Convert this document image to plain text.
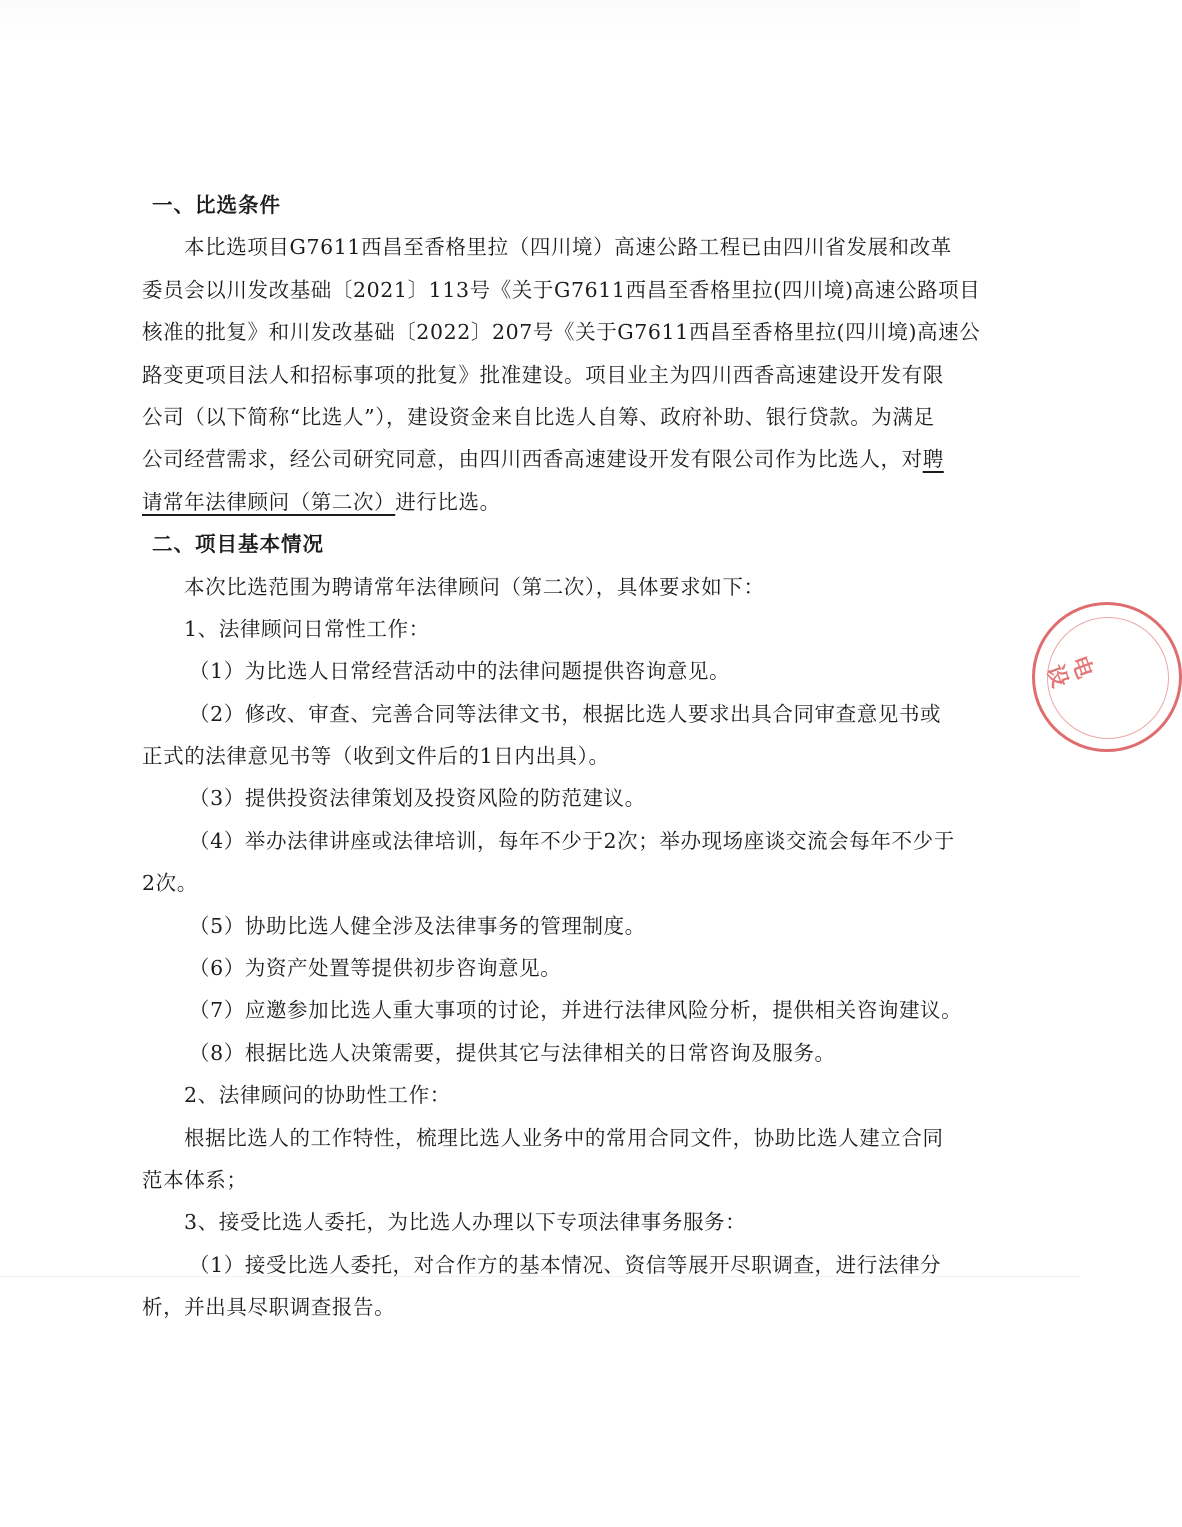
一、比选条件
本比选项目G7611西昌至香格里拉（四川境）高速公路工程已由四川省发展和改革
委员会以川发改基础〔2021〕113号《关于G7611西昌至香格里拉(四川境)高速公路项目
核准的批复》和川发改基础〔2022〕207号《关于G7611西昌至香格里拉(四川境)高速公
路变更项目法人和招标事项的批复》批准建设。项目业主为四川西香高速建设开发有限
公司（以下简称“比选人”），建设资金来自比选人自筹、政府补助、银行贷款。为满足
公司经营需求，经公司研究同意，由四川西香高速建设开发有限公司作为比选人，对聘
请常年法律顾问（第二次）进行比选。
二、项目基本情况
本次比选范围为聘请常年法律顾问（第二次），具体要求如下：
1、法律顾问日常性工作：
（1）为比选人日常经营活动中的法律问题提供咨询意见。
（2）修改、审查、完善合同等法律文书，根据比选人要求出具合同审查意见书或
正式的法律意见书等（收到文件后的1日内出具）。
（3）提供投资法律策划及投资风险的防范建议。
（4）举办法律讲座或法律培训，每年不少于2次；举办现场座谈交流会每年不少于
2次。
（5）协助比选人健全涉及法律事务的管理制度。
（6）为资产处置等提供初步咨询意见。
（7）应邀参加比选人重大事项的讨论，并进行法律风险分析，提供相关咨询建议。
（8）根据比选人决策需要，提供其它与法律相关的日常咨询及服务。
2、法律顾问的协助性工作：
根据比选人的工作特性，梳理比选人业务中的常用合同文件，协助比选人建立合同
范本体系；
3、接受比选人委托，为比选人办理以下专项法律事务服务：
（1）接受比选人委托，对合作方的基本情况、资信等展开尽职调查，进行法律分
析，并出具尽职调查报告。
电设
